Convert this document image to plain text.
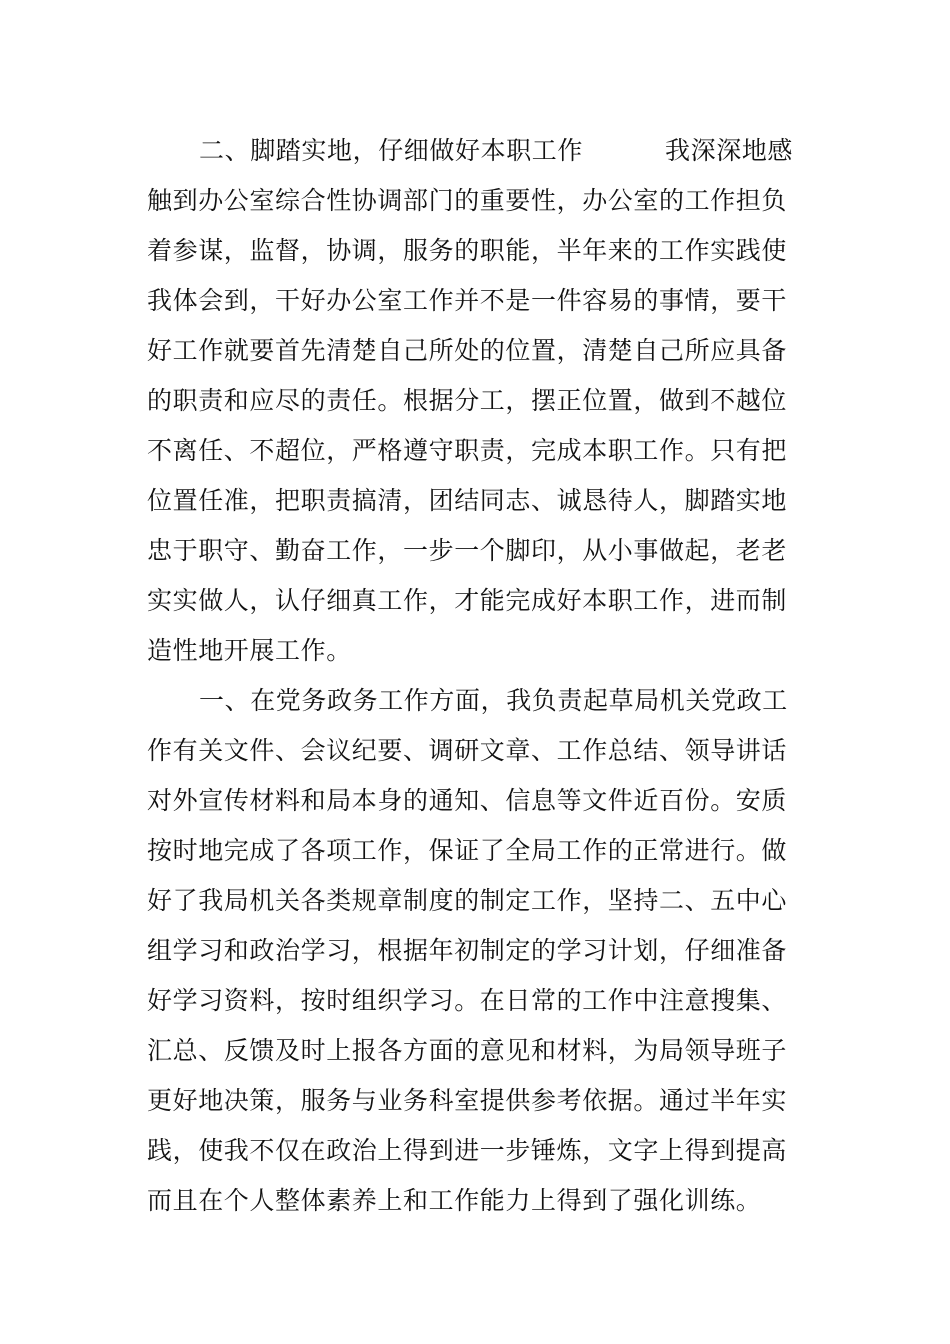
二、脚踏实地，仔细做好本职工作	我深深地感
触到办公室综合性协调部门的重要性，办公室的工作担负
着参谋，监督，协调，服务的职能，半年来的工作实践使
我体会到，干好办公室工作并不是一件容易的事情，要干
好工作就要首先清楚自己所处的位置，清楚自己所应具备
的职责和应尽的责任。根据分工，摆正位置，做到不越位
不离任、不超位，严格遵守职责，完成本职工作。只有把
位置任准，把职责搞清，团结同志、诚恳待人，脚踏实地
忠于职守、勤奋工作，一步一个脚印，从小事做起，老老
实实做人，认仔细真工作，才能完成好本职工作，进而制
造性地开展工作。
一、在党务政务工作方面，我负责起草局机关党政工
作有关文件、会议纪要、调研文章、工作总结、领导讲话
对外宣传材料和局本身的通知、信息等文件近百份。安质
按时地完成了各项工作，保证了全局工作的正常进行。做
好了我局机关各类规章制度的制定工作，坚持二、五中心
组学习和政治学习，根据年初制定的学习计划，仔细准备
好学习资料，按时组织学习。在日常的工作中注意搜集、
汇总、反馈及时上报各方面的意见和材料，为局领导班子
更好地决策，服务与业务科室提供参考依据。通过半年实
践，使我不仅在政治上得到进一步锤炼，文字上得到提高
而且在个人整体素养上和工作能力上得到了强化训练。
